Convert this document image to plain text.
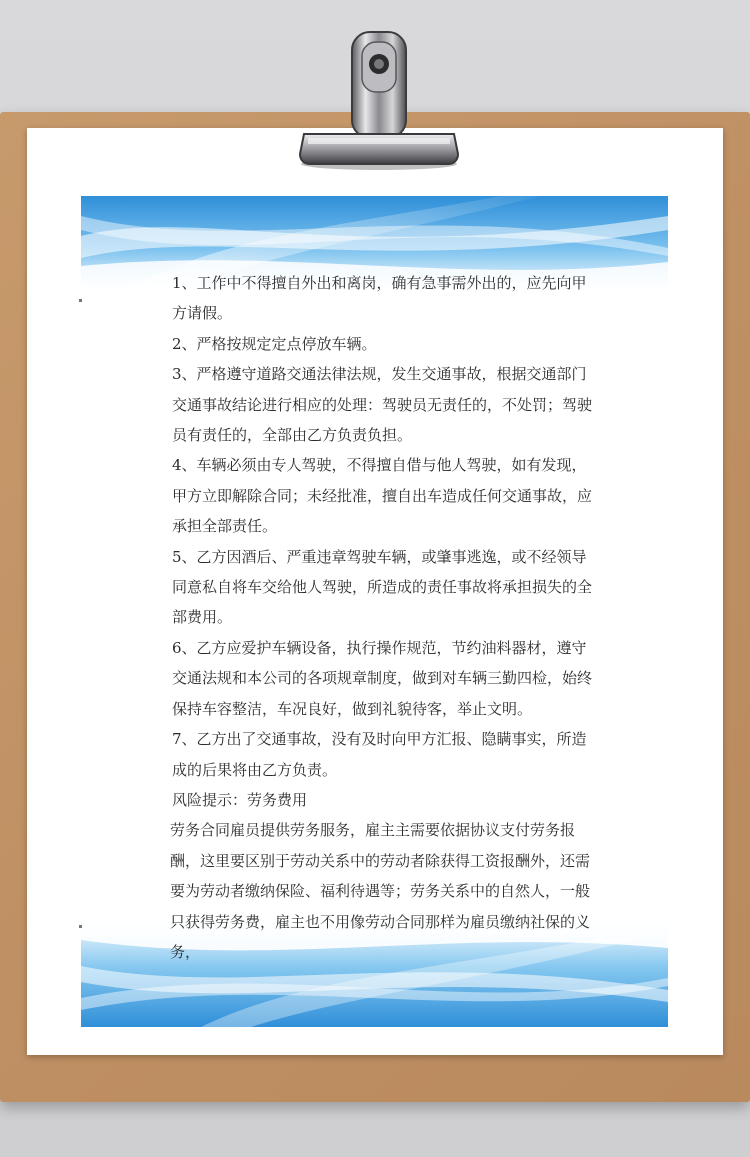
1、工作中不得擅自外出和离岗，确有急事需外出的，应先向甲方请假。

2、严格按规定定点停放车辆。

3、严格遵守道路交通法律法规，发生交通事故，根据交通部门交通事故结论进行相应的处理：驾驶员无责任的，不处罚；驾驶员有责任的，全部由乙方负责负担。

4、车辆必须由专人驾驶，不得擅自借与他人驾驶，如有发现，甲方立即解除合同；未经批准，擅自出车造成任何交通事故，应承担全部责任。

5、乙方因酒后、严重违章驾驶车辆，或肇事逃逸，或不经领导同意私自将车交给他人驾驶，所造成的责任事故将承担损失的全部费用。

6、乙方应爱护车辆设备，执行操作规范，节约油料器材，遵守交通法规和本公司的各项规章制度，做到对车辆三勤四检，始终保持车容整洁，车况良好，做到礼貌待客，举止文明。

7、乙方出了交通事故，没有及时向甲方汇报、隐瞒事实，所造成的后果将由乙方负责。

风险提示：劳务费用

劳务合同雇员提供劳务服务，雇主主需要依据协议支付劳务报酬，这里要区别于劳动关系中的劳动者除获得工资报酬外，还需要为劳动者缴纳保险、福利待遇等；劳务关系中的自然人，一般只获得劳务费，雇主也不用像劳动合同那样为雇员缴纳社保的义务，
